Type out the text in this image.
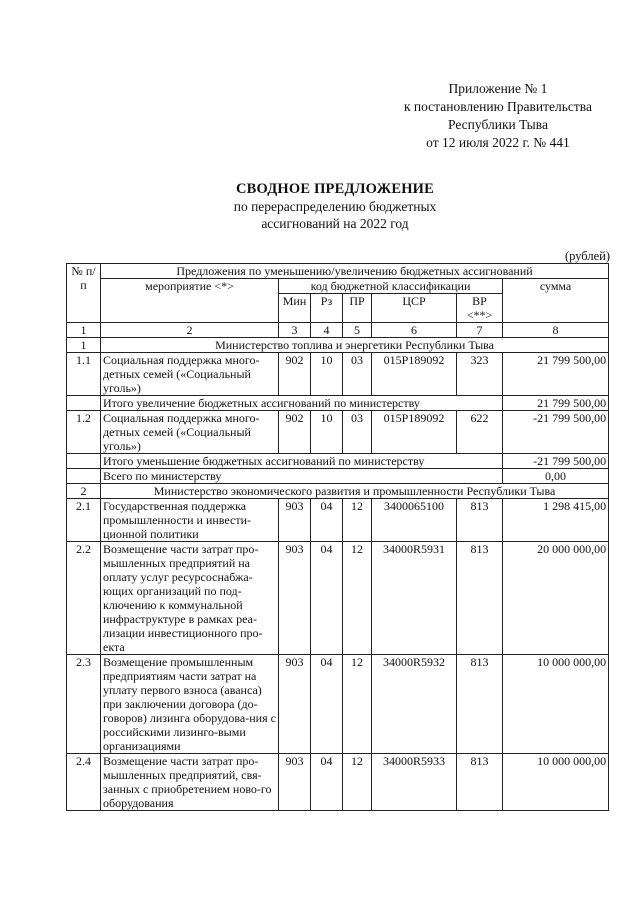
Приложение № 1
к постановлению Правительства
Республики Тыва
от 12 июля 2022 г. № 441
СВОДНОЕ ПРЕДЛОЖЕНИЕ
по перераспределению бюджетных
ассигнований на 2022 год
(рублей)
№ п/п	Предложения по уменьшению/увеличению бюджетных ассигнований						
	мероприятие <*>	код бюджетной классификации					сумма
		Мин	Рз	ПР	ЦСР	ВР <**>	
1	2	3	4	5	6	7	8
1	Министерство топлива и энергетики Республики Тыва						
1.1	Социальная поддержка много-детных семей («Социальный уголь»)	902	10	03	015P189092	323	21 799 500,00
	Итого увеличение бюджетных ассигнований по министерству						21 799 500,00
1.2	Социальная поддержка много-детных семей («Социальный уголь»)	902	10	03	015P189092	622	-21 799 500,00
	Итого уменьшение бюджетных ассигнований по министерству						-21 799 500,00
	Всего по министерству						0,00
2	Министерство экономического развития и промышленности Республики Тыва						
2.1	Государственная поддержка промышленности и инвести-ционной политики	903	04	12	3400065100	813	1 298 415,00
2.2	Возмещение части затрат про-мышленных предприятий на оплату услуг ресурсоснабжа-ющих организаций по под-ключению к коммунальной инфраструктуре в рамках реа-лизации инвестиционного про-екта	903	04	12	34000R5931	813	20 000 000,00
2.3	Возмещение промышленным предприятиям части затрат на уплату первого взноса (аванса) при заключении договора (до-говоров) лизинга оборудова-ния с российскими лизинго-выми организациями	903	04	12	34000R5932	813	10 000 000,00
2.4	Возмещение части затрат про-мышленных предприятий, свя-занных с приобретением ново-го оборудования	903	04	12	34000R5933	813	10 000 000,00
